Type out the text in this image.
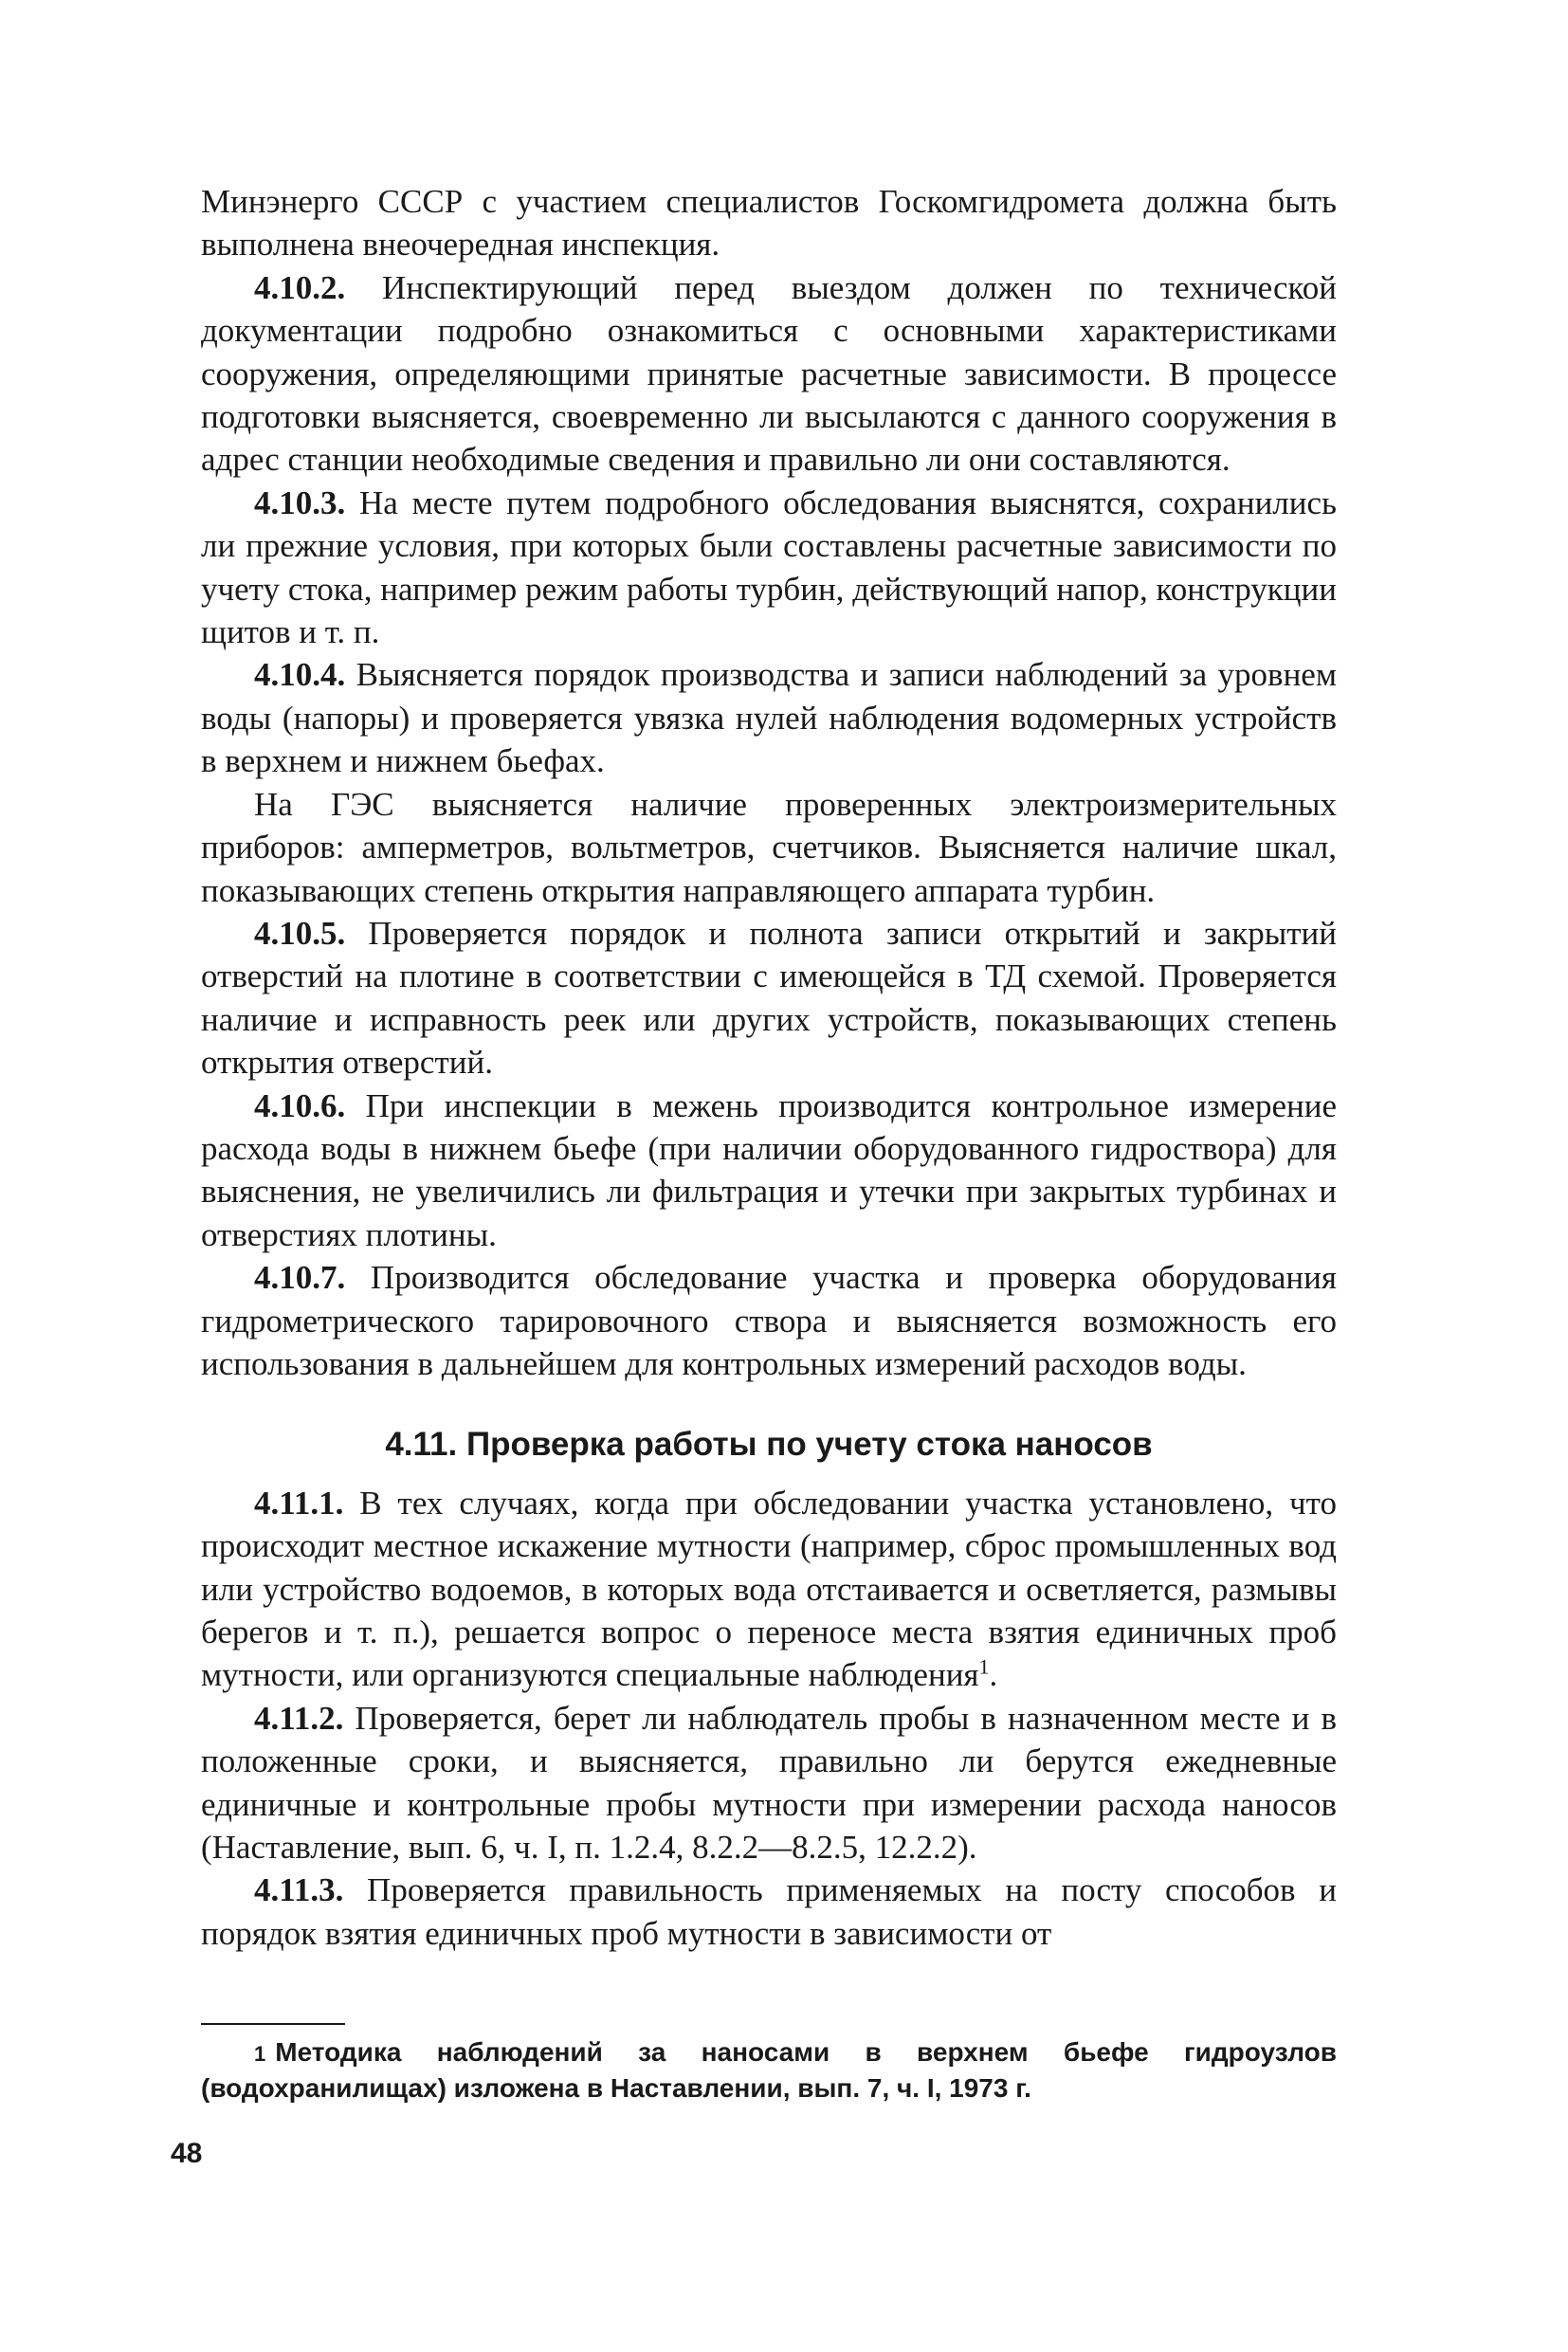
Минэнерго СССР с участием специалистов Госкомгидромета должна быть выполнена внеочередная инспекция.

4.10.2. Инспектирующий перед выездом должен по технической документации подробно ознакомиться с основными характеристиками сооружения, определяющими принятые расчетные зависимости. В процессе подготовки выясняется, своевременно ли высылаются с данного сооружения в адрес станции необходимые сведения и правильно ли они составляются.

4.10.3. На месте путем подробного обследования выяснятся, сохранились ли прежние условия, при которых были составлены расчетные зависимости по учету стока, например режим работы турбин, действующий напор, конструкции щитов и т. п.

4.10.4. Выясняется порядок производства и записи наблюдений за уровнем воды (напоры) и проверяется увязка нулей наблюдения водомерных устройств в верхнем и нижнем бьефах.

На ГЭС выясняется наличие проверенных электроизмерительных приборов: амперметров, вольтметров, счетчиков. Выясняется наличие шкал, показывающих степень открытия направляющего аппарата турбин.

4.10.5. Проверяется порядок и полнота записи открытий и закрытий отверстий на плотине в соответствии с имеющейся в ТД схемой. Проверяется наличие и исправность реек или других устройств, показывающих степень открытия отверстий.

4.10.6. При инспекции в межень производится контрольное измерение расхода воды в нижнем бьефе (при наличии оборудованного гидроствора) для выяснения, не увеличились ли фильтрация и утечки при закрытых турбинах и отверстиях плотины.

4.10.7. Производится обследование участка и проверка оборудования гидрометрического тарировочного створа и выясняется возможность его использования в дальнейшем для контрольных измерений расходов воды.

4.11. Проверка работы по учету стока наносов

4.11.1. В тех случаях, когда при обследовании участка установлено, что происходит местное искажение мутности (например, сброс промышленных вод или устройство водоемов, в которых вода отстаивается и осветляется, размывы берегов и т. п.), решается вопрос о переносе места взятия единичных проб мутности, или организуются специальные наблюдения$^1$.

4.11.2. Проверяется, берет ли наблюдатель пробы в назначенном месте и в положенные сроки, и выясняется, правильно ли берутся ежедневные единичные и контрольные пробы мутности при измерении расхода наносов (Наставление, вып. 6, ч. I, п. 1.2.4, 8.2.2—8.2.5, 12.2.2).

4.11.3. Проверяется правильность применяемых на посту способов и порядок взятия единичных проб мутности в зависимости от

1 Методика наблюдений за наносами в верхнем бьефе гидроузлов (водохранилищах) изложена в Наставлении, вып. 7, ч. I, 1973 г.
48
